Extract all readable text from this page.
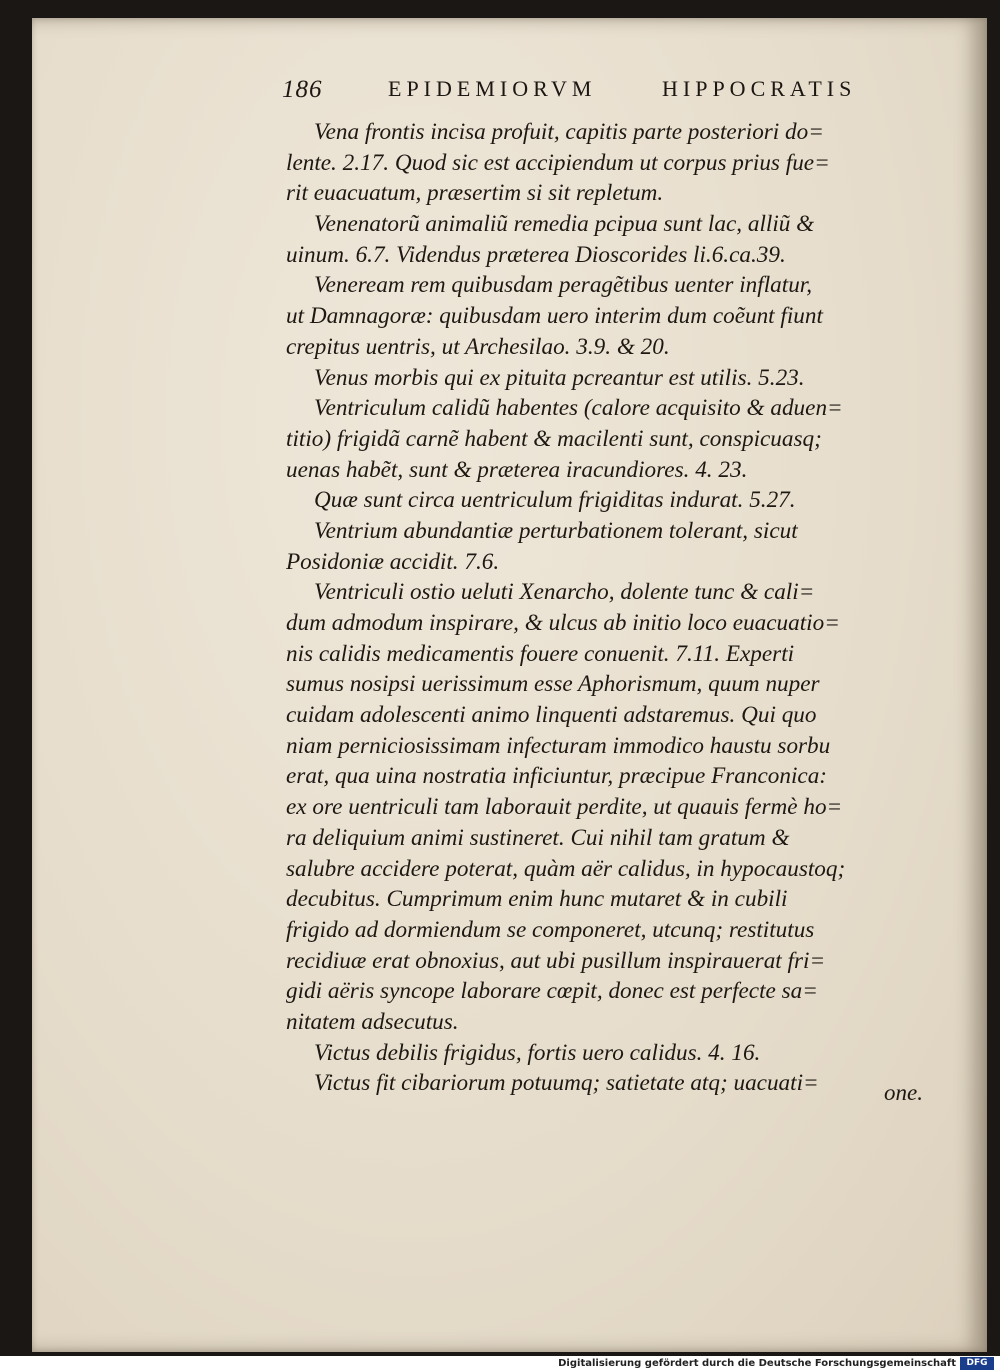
186	EPIDEMIORVM	HIPPOCRATIS
Vena frontis incisa profuit, capitis parte posteriori do=
lente. 2.17. Quod sic est accipiendum ut corpus prius fue=
rit euacuatum, præsertim si sit repletum.
Venenatorũ animaliũ remedia pcipua sunt lac, alliũ &
uinum. 6.7. Videndus præterea Dioscorides li.6.ca.39.
Veneream rem quibusdam peragẽtibus uenter inflatur,
ut Damnagoræ: quibusdam uero interim dum coẽunt fiunt
crepitus uentris, ut Archesilao. 3.9. & 20.
Venus morbis qui ex pituita pcreantur est utilis. 5.23.
Ventriculum calidũ habentes (calore acquisito & aduen=
titio) frigidã carnẽ habent & macilenti sunt, conspicuasq;
uenas habẽt, sunt & præterea iracundiores. 4. 23.
Quæ sunt circa uentriculum frigiditas indurat. 5.27.
Ventrium abundantiæ perturbationem tolerant, sicut
Posidoniæ accidit. 7.6.
Ventriculi ostio ueluti Xenarcho, dolente tunc & cali=
dum admodum inspirare, & ulcus ab initio loco euacuatio=
nis calidis medicamentis fouere conuenit. 7.11. Experti
sumus nosipsi uerissimum esse Aphorismum, quum nuper
cuidam adolescenti animo linquenti adstaremus. Qui quo
niam perniciosissimam infecturam immodico haustu sorbu
erat, qua uina nostratia inficiuntur, præcipue Franconica:
ex ore uentriculi tam laborauit perdite, ut quauis fermè ho=
ra deliquium animi sustineret. Cui nihil tam gratum &
salubre accidere poterat, quàm aër calidus, in hypocaustoq;
decubitus. Cumprimum enim hunc mutaret & in cubili
frigido ad dormiendum se componeret, utcunq; restitutus
recidiuæ erat obnoxius, aut ubi pusillum inspirauerat fri=
gidi aëris syncope laborare cœpit, donec est perfecte sa=
nitatem adsecutus.
Victus debilis frigidus, fortis uero calidus. 4. 16.
Victus fit cibariorum potuumq; satietate atq; uacuati=	one.
Digitalisierung gefördert durch die Deutsche Forschungsgemeinschaft	DFG
